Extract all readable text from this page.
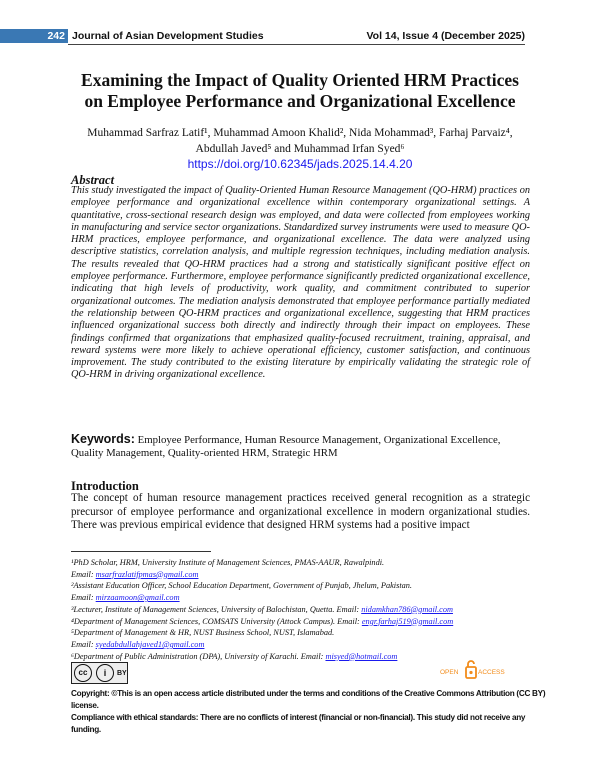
242 Journal of Asian Development Studies	Vol 14, Issue 4 (December 2025)
Examining the Impact of Quality Oriented HRM Practices
on Employee Performance and Organizational Excellence
Muhammad Sarfraz Latif¹, Muhammad Amoon Khalid², Nida Mohammad³, Farhaj Parvaiz⁴,
Abdullah Javed⁵ and Muhammad Irfan Syed⁶
https://doi.org/10.62345/jads.2025.14.4.20
Abstract
This study investigated the impact of Quality-Oriented Human Resource Management (QO-HRM) practices on employee performance and organizational excellence within contemporary organizational settings. A quantitative, cross-sectional research design was employed, and data were collected from employees working in manufacturing and service sector organizations. Standardized survey instruments were used to measure QO-HRM practices, employee performance, and organizational excellence. The data were analyzed using descriptive statistics, correlation analysis, and multiple regression techniques, including mediation analysis. The results revealed that QO-HRM practices had a strong and statistically significant positive effect on employee performance. Furthermore, employee performance significantly predicted organizational excellence, indicating that high levels of productivity, work quality, and commitment contributed to superior organizational outcomes. The mediation analysis demonstrated that employee performance partially mediated the relationship between QO-HRM practices and organizational excellence, suggesting that HRM practices influenced organizational success both directly and indirectly through their impact on employees. These findings confirmed that organizations that emphasized quality-focused recruitment, training, appraisal, and reward systems were more likely to achieve operational efficiency, customer satisfaction, and continuous improvement. The study contributed to the existing literature by empirically validating the strategic role of QO-HRM in driving organizational excellence.
Keywords: Employee Performance, Human Resource Management, Organizational Excellence, Quality Management, Quality-oriented HRM, Strategic HRM
Introduction
The concept of human resource management practices received general recognition as a strategic precursor of employee performance and organizational excellence in modern organizational studies. There was previous empirical evidence that designed HRM systems had a positive impact
¹PhD Scholar, HRM, University Institute of Management Sciences, PMAS-AAUR, Rawalpindi.
Email: msarfrazlatifpmas@gmail.com
²Assistant Education Officer, School Education Department, Government of Punjab, Jhelum, Pakistan.
Email: mirzaamoon@gmail.com
³Lecturer, Institute of Management Sciences, University of Balochistan, Quetta. Email: nidamkhan786@gmail.com
⁴Department of Management Sciences, COMSATS University (Attock Campus). Email: engr.farhaj519@gmail.com
⁵Department of Management & HR, NUST Business School, NUST, Islamabad.
Email: syedabdullahjaved1@gmail.com
⁶Department of Public Administration (DPA), University of Karachi. Email: misyed@hotmail.com
cc	i	BY	OPEN	ACCESS
Copyright: ©This is an open access article distributed under the terms and conditions of the Creative Commons Attribution (CC BY) license.
Compliance with ethical standards: There are no conflicts of interest (financial or non-financial). This study did not receive any funding.
